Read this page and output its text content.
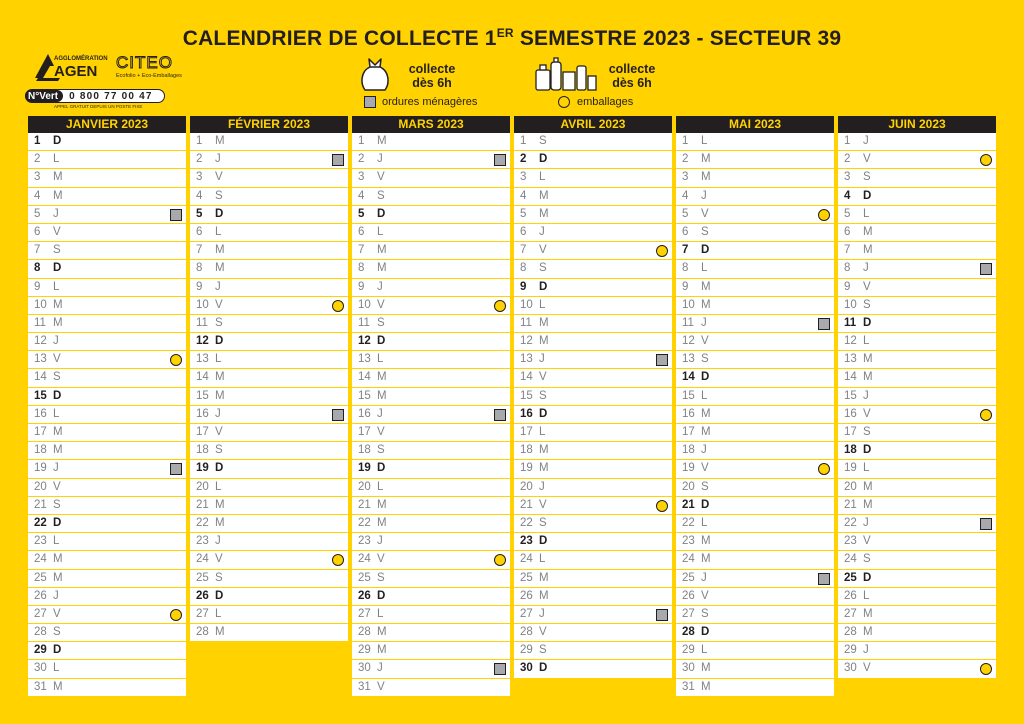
CALENDRIER DE COLLECTE 1ER SEMESTRE 2023 - SECTEUR 39
AGGLOMÉRATION
AGEN CITEO
Ecofolio + Eco-Emballages
N°Vert	0 800 77 00 47
APPEL GRATUIT DEPUIS UN POSTE FIXE
collecte
dès 6h
ordures ménagères
collecte
dès 6h
emballages
JANVIER 2023
1 D
2 L
3 M
4 M
5 J
6 V
7 S
8 D
9 L
10 M
11 M
12 J
13 V
14 S
15 D
16 L
17 M
18 M
19 J
20 V
21 S
22 D
23 L
24 M
25 M
26 J
27 V
28 S
29 D
30 L
31 M
FÉVRIER 2023
1 M
2 J
3 V
4 S
5 D
6 L
7 M
8 M
9 J
10 V
11 S
12 D
13 L
14 M
15 M
16 J
17 V
18 S
19 D
20 L
21 M
22 M
23 J
24 V
25 S
26 D
27 L
28 M
MARS 2023
1 M
2 J
3 V
4 S
5 D
6 L
7 M
8 M
9 J
10 V
11 S
12 D
13 L
14 M
15 M
16 J
17 V
18 S
19 D
20 L
21 M
22 M
23 J
24 V
25 S
26 D
27 L
28 M
29 M
30 J
31 V
AVRIL 2023
1 S
2 D
3 L
4 M
5 M
6 J
7 V
8 S
9 D
10 L
11 M
12 M
13 J
14 V
15 S
16 D
17 L
18 M
19 M
20 J
21 V
22 S
23 D
24 L
25 M
26 M
27 J
28 V
29 S
30 D
MAI 2023
1 L
2 M
3 M
4 J
5 V
6 S
7 D
8 L
9 M
10 M
11 J
12 V
13 S
14 D
15 L
16 M
17 M
18 J
19 V
20 S
21 D
22 L
23 M
24 M
25 J
26 V
27 S
28 D
29 L
30 M
31 M
JUIN 2023
1 J
2 V
3 S
4 D
5 L
6 M
7 M
8 J
9 V
10 S
11 D
12 L
13 M
14 M
15 J
16 V
17 S
18 D
19 L
20 M
21 M
22 J
23 V
24 S
25 D
26 L
27 M
28 M
29 J
30 V
